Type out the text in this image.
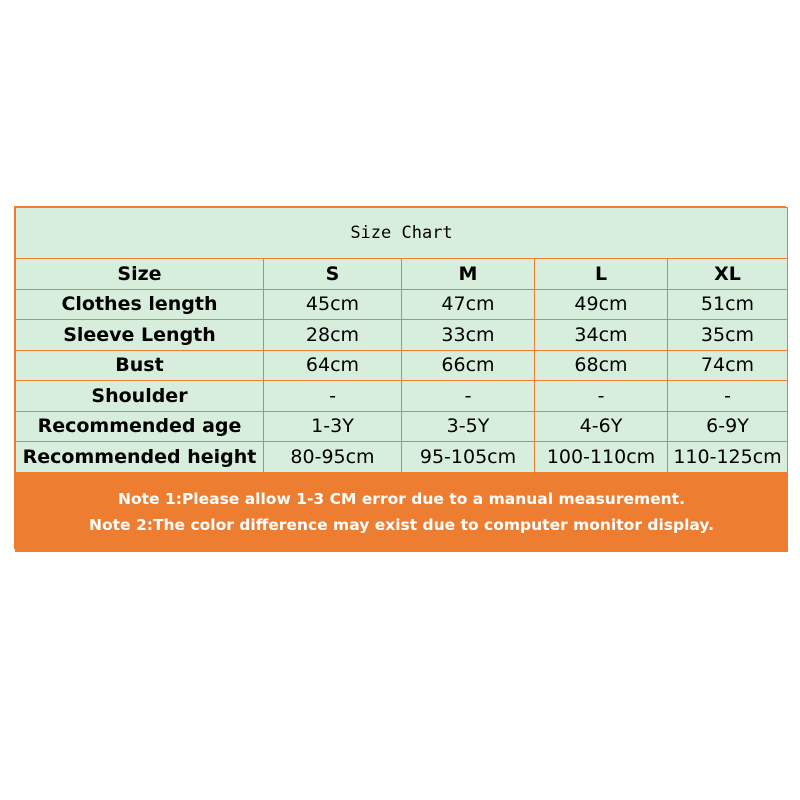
Size Chart				
Size	S	M	L	XL
Clothes length	45cm	47cm	49cm	51cm
Sleeve Length	28cm	33cm	34cm	35cm
Bust	64cm	66cm	68cm	74cm
Shoulder	-	-	-	-
Recommended age	1-3Y	3-5Y	4-6Y	6-9Y
Recommended height	80-95cm	95-105cm	100-110cm	110-125cm

Note 1:Please allow 1-3 CM error due to a manual measurement.
Note 2:The color difference may exist due to computer monitor display.				
